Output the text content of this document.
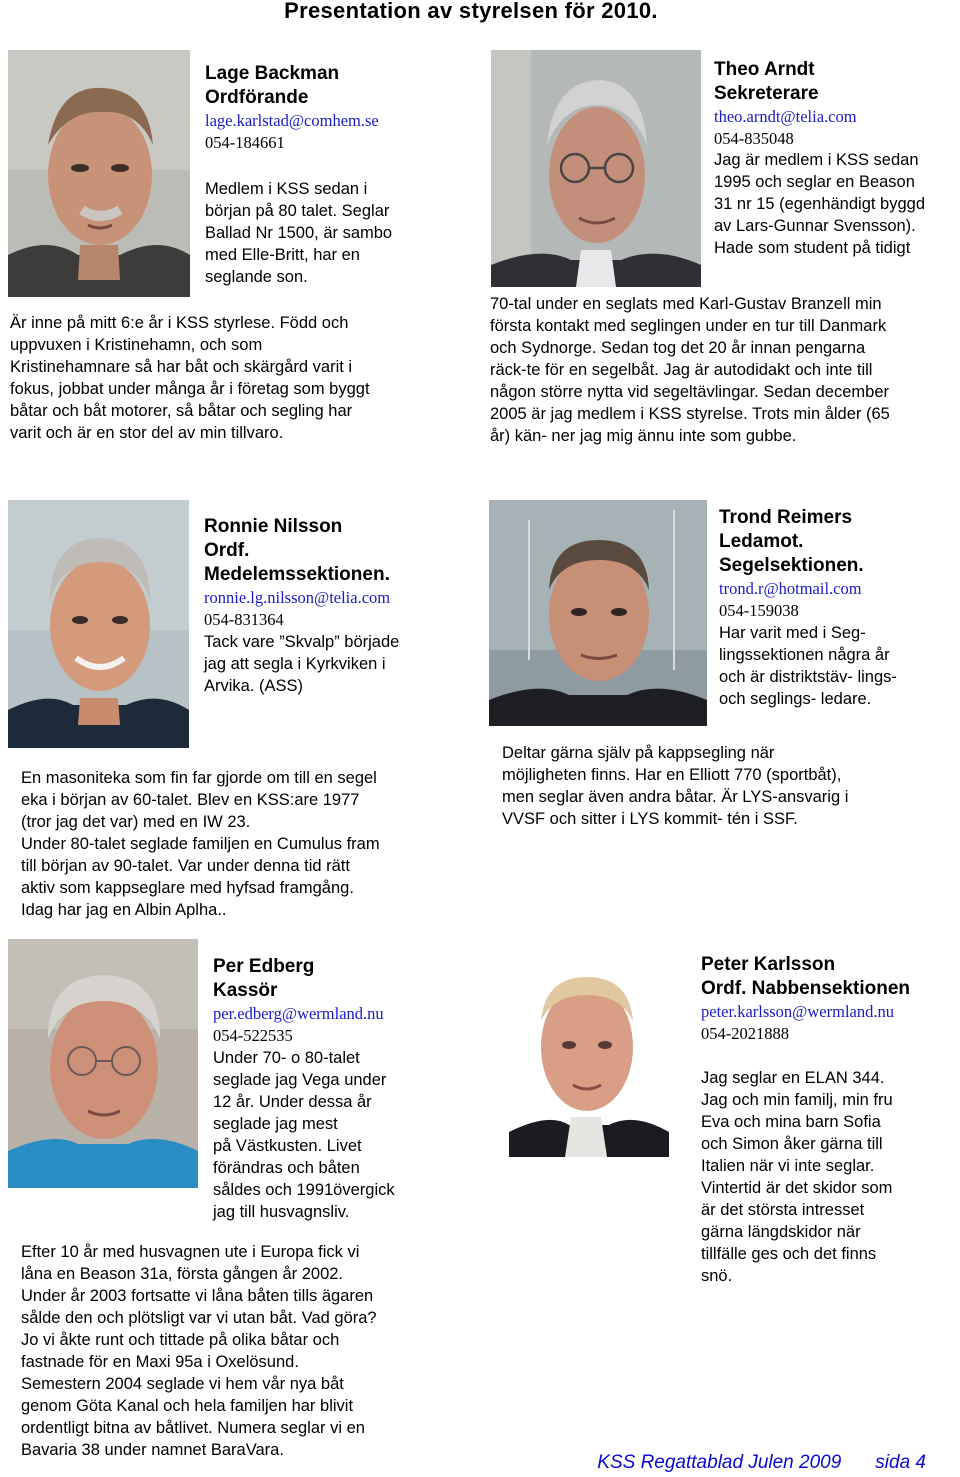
Presentation av styrelsen för 2010.
Lage Backman
Ordförande
lage.karlstad@comhem.se
054-184661

Medlem i KSS sedan i

början på 80 talet. Seglar

Ballad Nr 1500, är sambo

med Elle-Britt, har en

seglande son.

Är inne på mitt 6:e år i KSS styrlese. Född och

uppvuxen i Kristinehamn, och som

Kristinehamnare så har båt och skärgård varit i

fokus, jobbat under många år i företag som byggt

båtar och båt motorer, så båtar och segling har

varit och är en stor del av min tillvaro.

Theo Arndt
Sekreterare
theo.arndt@telia.com
054-835048

Jag är medlem i KSS sedan

1995 och seglar en Beason

31 nr 15 (egenhändigt byggd

av Lars-Gunnar Svensson).

Hade som student på tidigt

70-tal under en seglats med Karl-Gustav Branzell min

första kontakt med seglingen under en tur till Danmark

och Sydnorge. Sedan tog det 20 år innan pengarna

räck-te för en segelbåt. Jag är autodidakt och inte till

någon större nytta vid segeltävlingar. Sedan december

2005 är jag medlem i KSS styrelse. Trots min ålder (65

år) kän- ner jag mig ännu inte som gubbe.

Ronnie Nilsson
Ordf.
Medelemssektionen.
ronnie.lg.nilsson@telia.com
054-831364

Tack vare ”Skvalp” började

jag att segla i Kyrkviken i

Arvika. (ASS)

En masoniteka som fin far gjorde om till en segel

eka i början av 60-talet. Blev en KSS:are 1977

(tror jag det var) med en IW 23.

Under 80-talet seglade familjen en Cumulus fram

till början av 90-talet. Var under denna tid rätt

aktiv som kappseglare med hyfsad framgång.

Idag har jag en Albin Aplha..

Trond Reimers
Ledamot.
Segelsektionen.
trond.r@hotmail.com
054-159038

Har varit med i Seg-

lingssektionen några år

och är distriktstäv- lings-

och seglings- ledare.

Deltar gärna själv på kappsegling när

möjligheten finns. Har en Elliott 770 (sportbåt),

men seglar även andra båtar. Är LYS-ansvarig i

VVSF och sitter i LYS kommit- tén i SSF.

Per Edberg
Kassör
per.edberg@wermland.nu
054-522535

Under 70- o 80-talet

seglade jag Vega under

12 år. Under dessa år

seglade jag mest

på Västkusten. Livet

förändras och båten

såldes och 1991övergick

jag till husvagnsliv.

Efter 10 år med husvagnen ute i Europa fick vi

låna en Beason 31a, första gången år 2002.

Under år 2003 fortsatte vi låna båten tills ägaren

sålde den och plötsligt var vi utan båt. Vad göra?

Jo vi åkte runt och tittade på olika båtar och

fastnade för en Maxi 95a i Oxelösund.

Semestern 2004 seglade vi hem vår nya båt

genom Göta Kanal och hela familjen har blivit

ordentligt bitna av båtlivet. Numera seglar vi en

Bavaria 38 under namnet BaraVara.

Peter Karlsson
Ordf. Nabbensektionen
peter.karlsson@wermland.nu
054-2021888

Jag seglar en ELAN 344.

Jag och min familj, min fru

Eva och mina barn Sofia

och Simon åker gärna till

Italien när vi inte seglar.

Vintertid är det skidor som

är det största intresset

gärna längdskidor när

tillfälle ges och det finns

snö.

KSS Regattablad Julen 2009 sida 4
